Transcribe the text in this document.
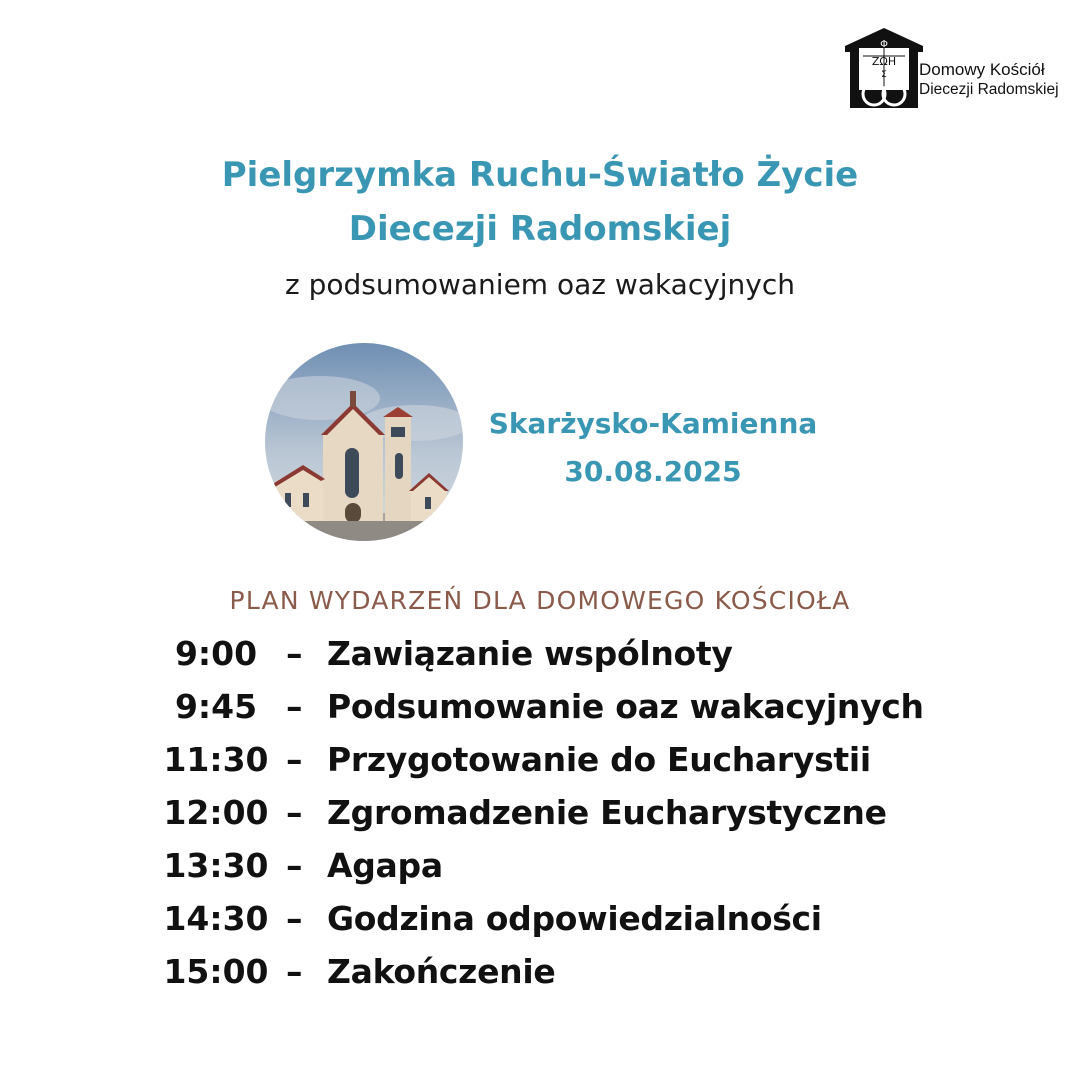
Φ
ΖΩΗ
Σ Domowy Kościół
Diecezji Radomskiej
Pielgrzymka Ruchu-Światło Życie
Diecezji Radomskiej
z podsumowaniem oaz wakacyjnych
Skarżysko-Kamienna
30.08.2025
PLAN WYDARZEŃ DLA DOMOWEGO KOŚCIOŁA
9:00 – Zawiązanie wspólnoty
9:45 – Podsumowanie oaz wakacyjnych
11:30 – Przygotowanie do Eucharystii
12:00 – Zgromadzenie Eucharystyczne
13:30 – Agapa
14:30 – Godzina odpowiedzialności
15:00 – Zakończenie
